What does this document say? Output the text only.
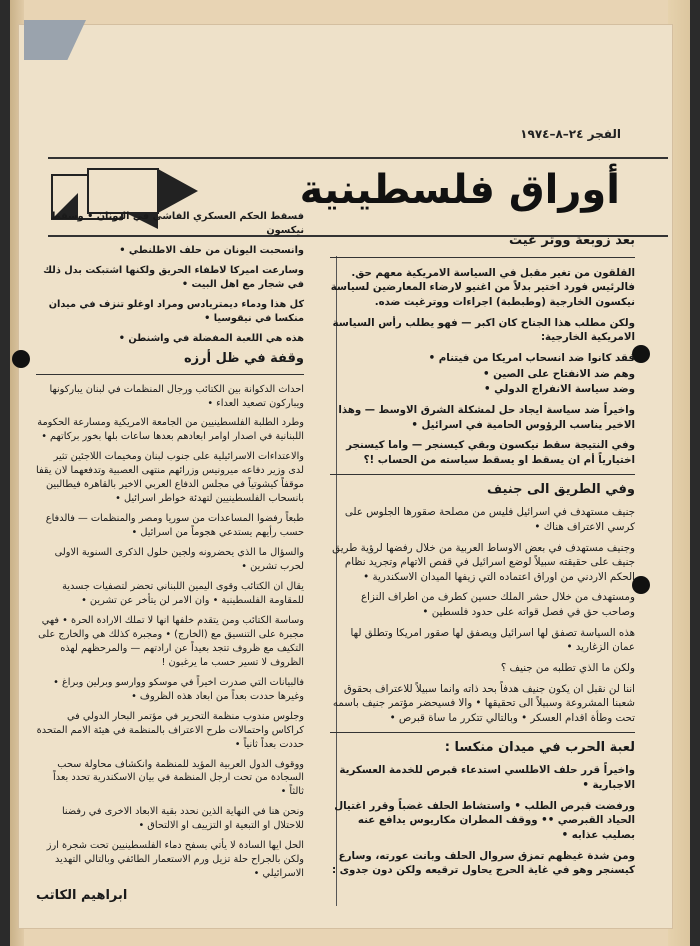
الفجر ٢٤–٨–١٩٧٤
أوراق فلسطينية
بعد زوبعة ووتر غيت

القلقون من تغير مقبل في السياسة الامريكية معهم حق. فالرئيس فورد اختير بدلاً من اغنيو لارضاء المعارضين لسياسة نيكسون الخارجية (وطبطبة) اجراءات ووترغيت ضده.

ولكن مطلب هذا الجناح كان اكبر — فهو يطلب رأس السياسة الامريكية الخارجية:

فقد كانوا ضد انسحاب امريكا من فيتنام •

وهم ضد الانفتاح على الصين •

وضد سياسة الانفراج الدولي •

واخيراً ضد سياسة ايجاد حل لمشكلة الشرق الاوسط — وهذا الاخير يناسب الرؤوس الحامية في اسرائيل •

وفي النتيجة سقط نيكسون وبقي كيسنجر — واما كيسنجر اختيارياً أم ان يسقط او يسقط سياسته من الحساب !؟

وفي الطريق الى جنيف

جنيف مستهدف في اسرائيل فليس من مصلحة صقورها الجلوس على كرسي الاعتراف هناك •

وجنيف مستهدف في بعض الاوساط العربية من خلال رفضها لرؤية طريق جنيف على حقيقته سبيلاً لوضع اسرائيل في قفص الاتهام وتجريد نظام الحكم الاردني من اوراق اعتماده التي زيفها الميدان الاسكندرية •

ومستهدف من خلال حشر الملك حسين كطرف من اطراف النزاع وصاحب حق في فصل قواته على حدود فلسطين •

هذه السياسة تصفق لها اسرائيل ويصفق لها صقور امريكا وتطلق لها عمان الزغاريد •

ولكن ما الذي تطلبه من جنيف ؟

اننا لن نقبل ان يكون جنيف هدفاً بحد ذاته وانما سبيلاً للاعتراف بحقوق شعبنا المشروعة وسبيلاً الى تحقيقها • والا فسيحضر مؤتمر جنيف باسمه تحت وطأة اقدام العسكر • وبالتالي تتكرر ما ساة قبرص •

لعبة الحرب في ميدان منكسا :

واخيراً قرر حلف الاطلسي استدعاء قبرص للخدمة العسكرية الاجبارية •

ورفضت قبرص الطلب • واستشاط الحلف غضباً وقرر اغتيال الحياد القبرصي •• ووقف المطران مكاريوس يدافع عنه بصليب عذابه •

ومن شدة غيظهم تمزق سروال الحلف وبانت عورته، وسارع كيسنجر وهو في غاية الحرج يحاول ترقيعه ولكن دون جدوى :

فسقط الحكم العسكري الفاشي في اليونان • وسقط نيكسون

وانسحبت اليونان من حلف الاطلنطي •

وسارعت اميركا لاطفاء الحريق ولكنها اشتبكت بدل ذلك في شجار مع اهل البيت •

كل هذا ودماء ديمتريادس ومراد اوغلو تنزف في ميدان منكسا في نيقوسيا •

هذه هي اللعبة المفضلة في واشنطن •

وقفة في ظل أرزه

احداث الدكوانة بين الكتائب ورجال المنظمات في لبنان يباركونها ويباركون تصعيد العداء •

وطرد الطلبة الفلسطينيين من الجامعة الامريكية ومسارعة الحكومة اللبنانية في اصدار اوامر ابعادهم بعدها ساعات بلها بخور بركاتهم •

والاعتداءات الاسرائيلية على جنوب لبنان ومخيمات اللاجئين تثير لدى وزير دفاعه ميرونيس وزرائهم منتهى العصبية وتدفعهما لان يقفا موقفاً كيشوتياً في مجلس الدفاع العربي الاخير بالقاهرة فيطالبين بانسحاب الفلسطينيين لتهدئة خواطر اسرائيل •

طبعاً رفضوا المساعدات من سوريا ومصر والمنظمات — فالدفاع حسب رأيهم يستدعي هجوماً من اسرائيل •

والسؤال ما الذي يحضرونه ولجين حلول الذكرى السنوية الاولى لحرب تشرين •

يقال ان الكتائب وقوى اليمين اللبناني تحضر لتصفيات جسدية للمقاومة الفلسطينية • وان الامر لن يتأخر عن تشرين •

وساسة الكتائب ومن يتقدم خلفها انها لا تملك الارادة الحرة • فهي مجبرة على التنسيق مع (الخارج) • ومجبرة كذلك هي والخارج على التكيف مع ظروف تتجد بعيداً عن ارادتهم — والمرحظهم لهذه الظروف لا تسير حسب ما يرغبون !

فالبيانات التي صدرت اخيراً في موسكو ووارسو وبرلين وبراغ • وغيرها حددت بعداً من ابعاد هذه الظروف •

وجلوس مندوب منظمة التحرير في مؤتمر البحار الدولي في كراكاس واحتمالات طرح الاعتراف بالمنظمة في هيئة الامم المتحدة حددت بعداً ثانياً •

ووقوف الدول العربية المؤيد للمنظمة وانكشاف محاولة سحب السجادة من تحت ارجل المنظمة في بيان الاسكندرية تحدد بعداً ثالثاً •

ونحن هنا في النهاية الذين نحدد بقية الابعاد الاخرى في رفضنا للاحتلال او التبعية او التزييف او الالتحاق •

الحل ايها السادة لا يأتي بسفح دماء الفلسطينيين تحت شجرة ارز ولكن بالجراح حلة تزيل ورم الاستعمار الطائفي وبالتالي التهديد الاسرائيلي •

ابراهيم الكاتب
